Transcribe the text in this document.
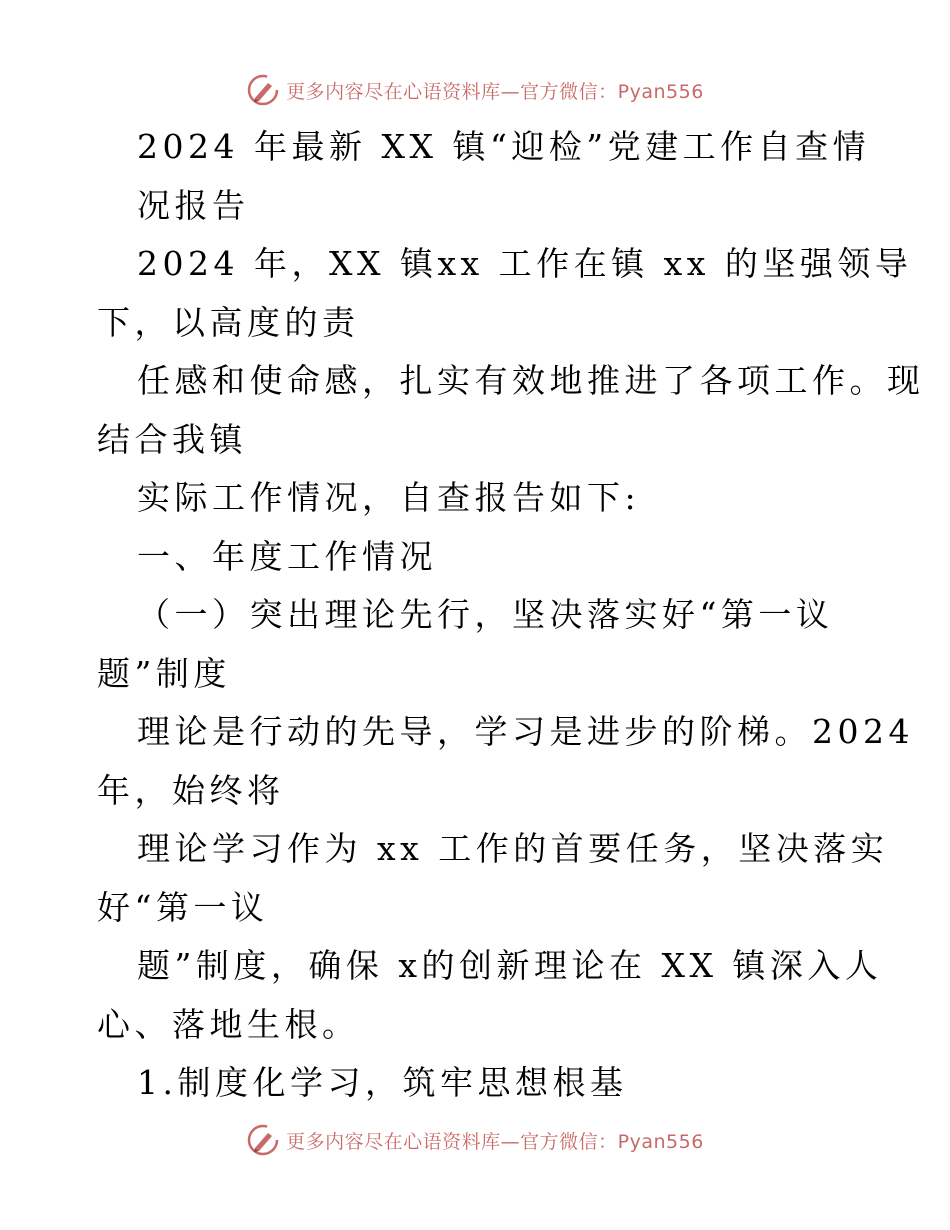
更多内容尽在心语资料库—官方微信：Pyan556
2024 年最新 XX 镇“迎检”党建工作自查情
况报告
2024 年，XX 镇xx 工作在镇 xx 的坚强领导
下，以高度的责
任感和使命感，扎实有效地推进了各项工作。现
结合我镇
实际工作情况，自查报告如下:
一、年度工作情况
（一）突出理论先行，坚决落实好“第一议
题”制度
理论是行动的先导，学习是进步的阶梯。2024
年，始终将
理论学习作为 xx 工作的首要任务，坚决落实
好“第一议
题”制度，确保 x的创新理论在 XX 镇深入人
心、落地生根。
1.制度化学习，筑牢思想根基
更多内容尽在心语资料库—官方微信：Pyan556
